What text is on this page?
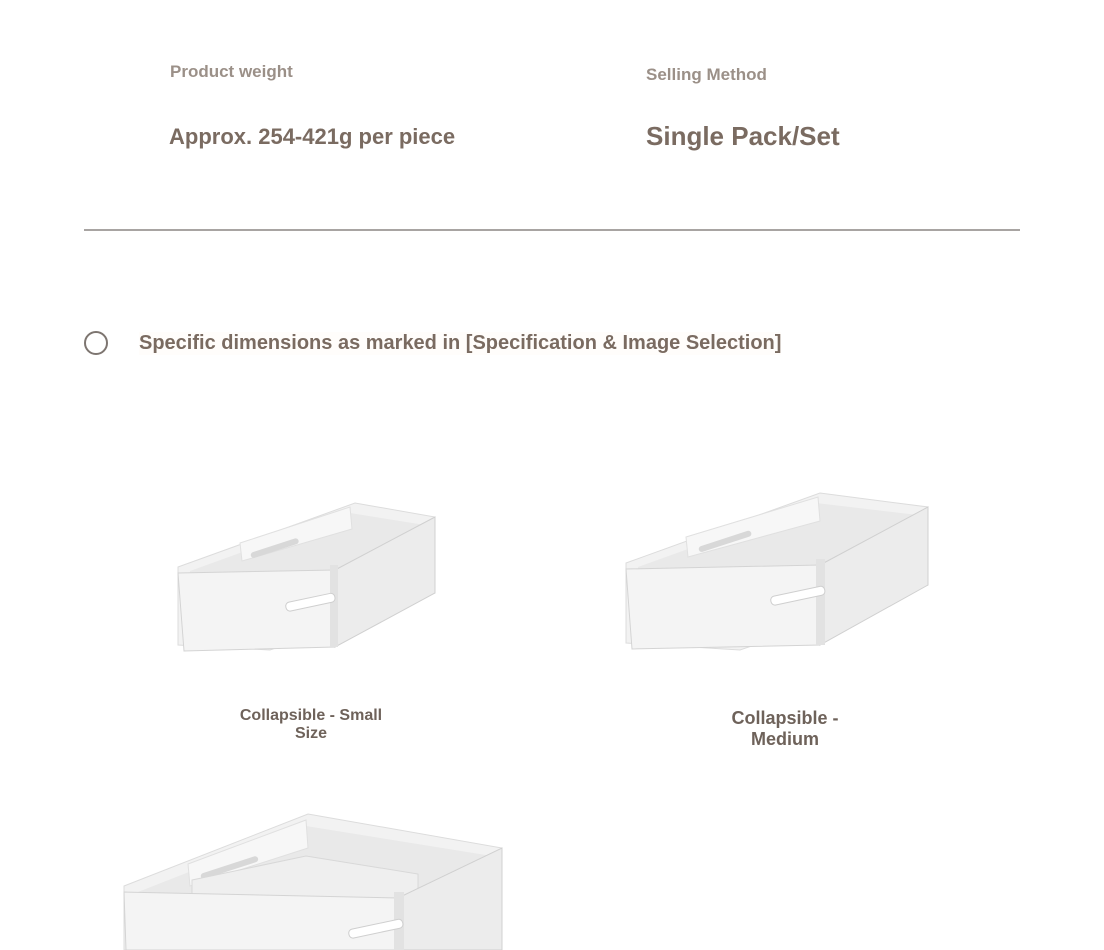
Product weight
Approx. 254-421g per piece
Selling Method
Single Pack/Set
Specific dimensions as marked in [Specification & Image Selection]
Collapsible - Small Size
Collapsible - Medium
